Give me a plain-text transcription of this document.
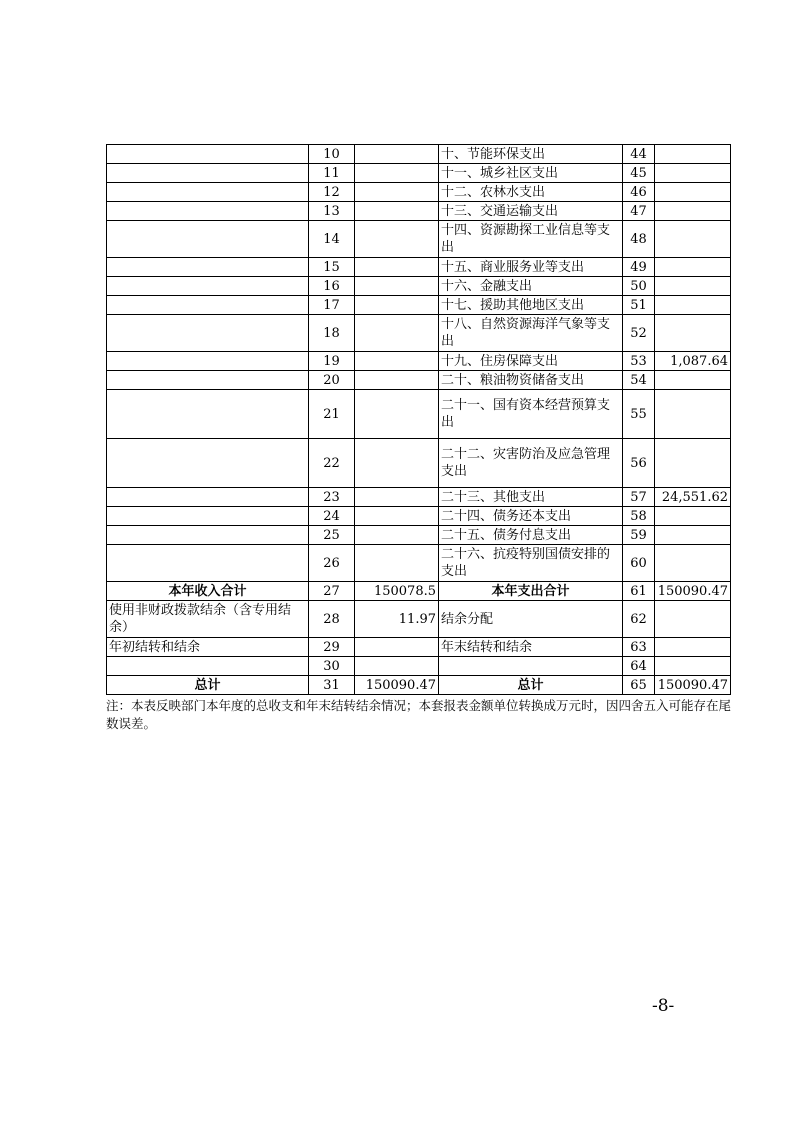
	10		十、节能环保支出	44	
	11		十一、城乡社区支出	45	
	12		十二、农林水支出	46	
	13		十三、交通运输支出	47	
	14		十四、资源勘探工业信息等支出	48	
	15		十五、商业服务业等支出	49	
	16		十六、金融支出	50	
	17		十七、援助其他地区支出	51	
	18		十八、自然资源海洋气象等支出	52	
	19		十九、住房保障支出	53	1,087.64
	20		二十、粮油物资储备支出	54	
	21		二十一、国有资本经营预算支出	55	
	22		二十二、灾害防治及应急管理支出	56	
	23		二十三、其他支出	57	24,551.62
	24		二十四、债务还本支出	58	
	25		二十五、债务付息支出	59	
	26		二十六、抗疫特别国债安排的支出	60	
本年收入合计	27	150078.5	本年支出合计	61	150090.47
使用非财政拨款结余（含专用结余）	28	11.97	结余分配	62	
年初结转和结余	29		年末结转和结余	63	
	30			64	
总计	31	150090.47	总计	65	150090.47
注：本表反映部门本年度的总收支和年末结转结余情况；本套报表金额单位转换成万元时，因四舍五入可能存在尾数误差。
-8-
